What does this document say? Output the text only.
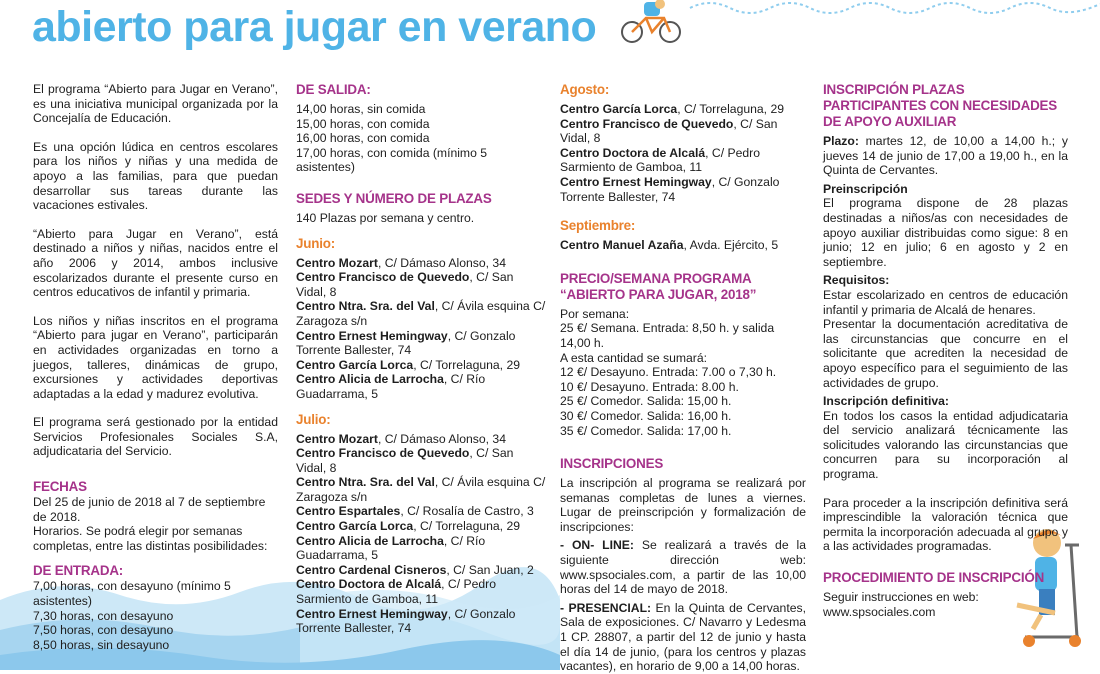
abierto para jugar en verano

El programa “Abierto para Jugar en Verano”, es una iniciativa municipal organizada por la Concejalía de Educación.

Es una opción lúdica en centros escolares para los niños y niñas y una medida de apoyo a las familias, para que puedan desarrollar sus tareas durante las vacaciones estivales.

“Abierto para Jugar en Verano”, está destinado a niños y niñas, nacidos entre el año 2006 y 2014, ambos inclusive escolarizados durante el presente curso en centros educativos de infantil y primaria.

Los niños y niñas inscritos en el programa “Abierto para jugar en Verano”, participarán en actividades organizadas en torno a juegos, talleres, dinámicas de grupo, excursiones y actividades deportivas adaptadas a la edad y madurez evolutiva.

El programa será gestionado por la entidad Servicios Profesionales Sociales S.A, adjudicataria del Servicio.

FECHAS

Del 25 de junio de 2018 al 7 de septiembre de 2018.

Horarios. Se podrá elegir por semanas completas, entre las distintas posibilidades:

DE ENTRADA:

7,00 horas, con desayuno (mínimo 5 asistentes)

7,30 horas, con desayuno

7,50 horas, con desayuno

8,50 horas, sin desayuno

DE SALIDA:

14,00 horas, sin comida

15,00 horas, con comida

16,00 horas, con comida

17,00 horas, con comida (mínimo 5 asistentes)

SEDES Y NÚMERO DE PLAZAS

140 Plazas por semana y centro.

Junio:

Centro Mozart, C/ Dámaso Alonso, 34

Centro Francisco de Quevedo, C/ San Vidal, 8

Centro Ntra. Sra. del Val, C/ Ávila esquina C/ Zaragoza s/n

Centro Ernest Hemingway, C/ Gonzalo Torrente Ballester, 74

Centro García Lorca, C/ Torrelaguna, 29

Centro Alicia de Larrocha, C/ Río Guadarrama, 5

Julio:

Centro Mozart, C/ Dámaso Alonso, 34

Centro Francisco de Quevedo, C/ San Vidal, 8

Centro Ntra. Sra. del Val, C/ Ávila esquina C/ Zaragoza s/n

Centro Espartales, C/ Rosalía de Castro, 3

Centro García Lorca, C/ Torrelaguna, 29

Centro Alicia de Larrocha, C/ Río Guadarrama, 5

Centro Cardenal Cisneros, C/ San Juan, 2

Centro Doctora de Alcalá, C/ Pedro Sarmiento de Gamboa, 11

Centro Ernest Hemingway, C/ Gonzalo Torrente Ballester, 74

Agosto:

Centro García Lorca, C/ Torrelaguna, 29

Centro Francisco de Quevedo, C/ San Vidal, 8

Centro Doctora de Alcalá, C/ Pedro Sarmiento de Gamboa, 11

Centro Ernest Hemingway, C/ Gonzalo Torrente Ballester, 74

Septiembre:

Centro Manuel Azaña, Avda. Ejército, 5

PRECIO/SEMANA PROGRAMA “ABIERTO PARA JUGAR, 2018”

Por semana:

25 €/ Semana. Entrada: 8,50 h. y salida 14,00 h.

A esta cantidad se sumará:

12 €/ Desayuno. Entrada: 7.00 o 7,30 h.

10 €/ Desayuno. Entrada: 8.00 h.

25 €/ Comedor. Salida: 15,00 h.

30 €/ Comedor. Salida: 16,00 h.

35 €/ Comedor. Salida: 17,00 h.

INSCRIPCIONES

La inscripción al programa se realizará por semanas completas de lunes a viernes. Lugar de preinscripción y formalización de inscripciones:

- ON- LINE: Se realizará a través de la siguiente dirección web: www.spsociales.com, a partir de las 10,00 horas del 14 de mayo de 2018.

- PRESENCIAL: En la Quinta de Cervantes, Sala de exposiciones. C/ Navarro y Ledesma 1 CP. 28807, a partir del 12 de junio y hasta el día 14 de junio, (para los centros y plazas vacantes), en horario de 9,00 a 14,00 horas.

INSCRIPCIÓN PLAZAS PARTICIPANTES CON NECESIDADES DE APOYO AUXILIAR

Plazo: martes 12, de 10,00 a 14,00 h.; y jueves 14 de junio de 17,00 a 19,00 h., en la Quinta de Cervantes.

Preinscripción

El programa dispone de 28 plazas destinadas a niños/as con necesidades de apoyo auxiliar distribuidas como sigue: 8 en junio; 12 en julio; 6 en agosto y 2 en septiembre.

Requisitos:

Estar escolarizado en centros de educación infantil y primaria de Alcalá de henares.

Presentar la documentación acreditativa de las circunstancias que concurre en el solicitante que acrediten la necesidad de apoyo específico para el seguimiento de las actividades de grupo.

Inscripción definitiva:

En todos los casos la entidad adjudicataria del servicio analizará técnicamente las solicitudes valorando las circunstancias que concurren para su incorporación al programa.

Para proceder a la inscripción definitiva será imprescindible la valoración técnica que permita la incorporación adecuada al grupo y a las actividades programadas.

PROCEDIMIENTO DE INSCRIPCIÓN

Seguir instrucciones en web:

www.spsociales.com
